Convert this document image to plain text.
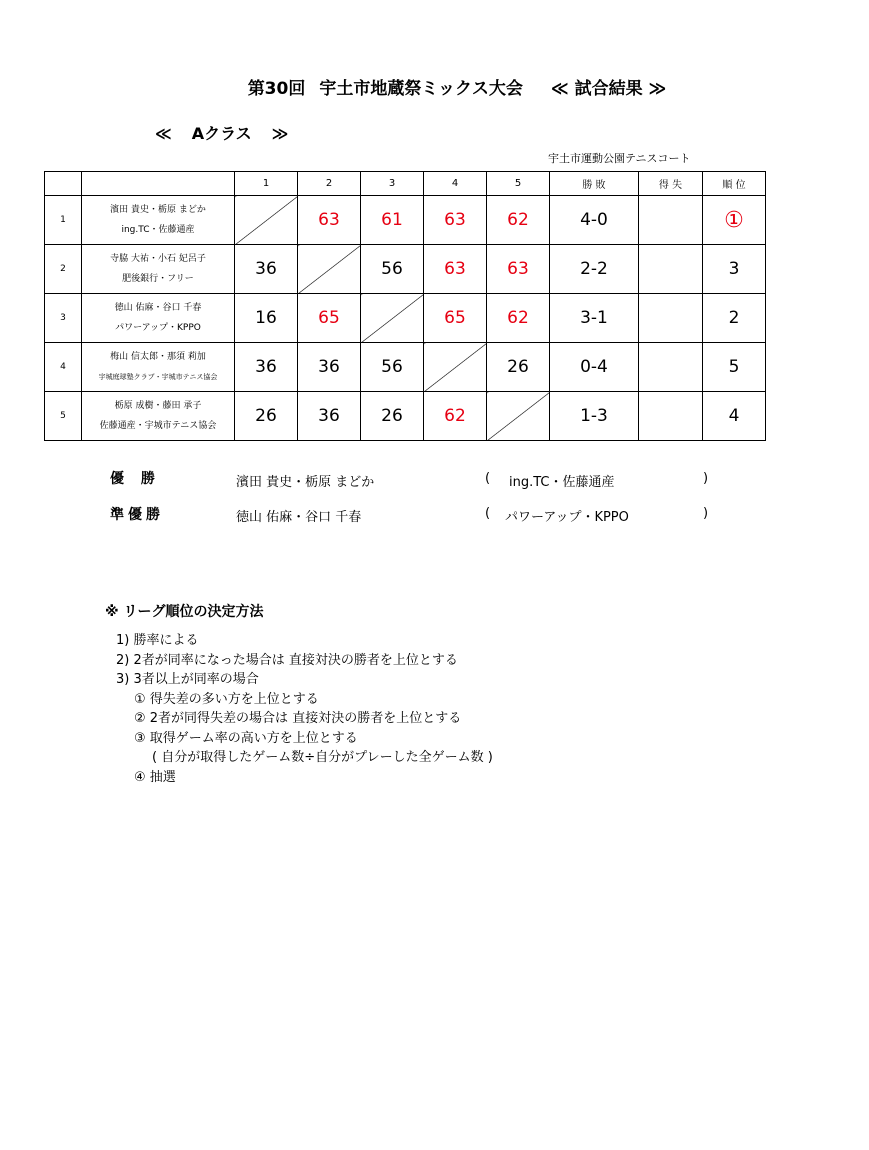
第30回 宇土市地蔵祭ミックス大会 ≪ 試合結果 ≫
≪ Aクラス ≫
宇土市運動公園テニスコート
		1	2	3	4	5	勝 敗	得 失	順 位
1	濱田 貴史・栃原 まどか
ing.TC・佐藤通産		63	61	63	62	4-0		①
2	寺脇 大祐・小石 妃呂子
肥後銀行・フリー	36		56	63	63	2-2		3
3	徳山 佑麻・谷口 千春
パワーアップ・KPPO	16	65		65	62	3-1		2
4	梅山 信太郎・那須 莉加
宇城庭球塾クラブ・宇城市テニス協会	36	36	56		26	0-4		5
5	栃原 成樹・藤田 承子
佐藤通産・宇城市テニス協会	26	36	26	62		1-3		4
優 勝	濱田 貴史・栃原 まどか	( ing.TC・佐藤通産	)
準優勝	徳山 佑麻・谷口 千春	( パワーアップ・KPPO	)
※ リーグ順位の決定方法
1) 勝率による
2) 2者が同率になった場合は 直接対決の勝者を上位とする
3) 3者以上が同率の場合
① 得失差の多い方を上位とする
② 2者が同得失差の場合は 直接対決の勝者を上位とする
③ 取得ゲーム率の高い方を上位とする
( 自分が取得したゲーム数÷自分がプレーした全ゲーム数 )
④ 抽選
